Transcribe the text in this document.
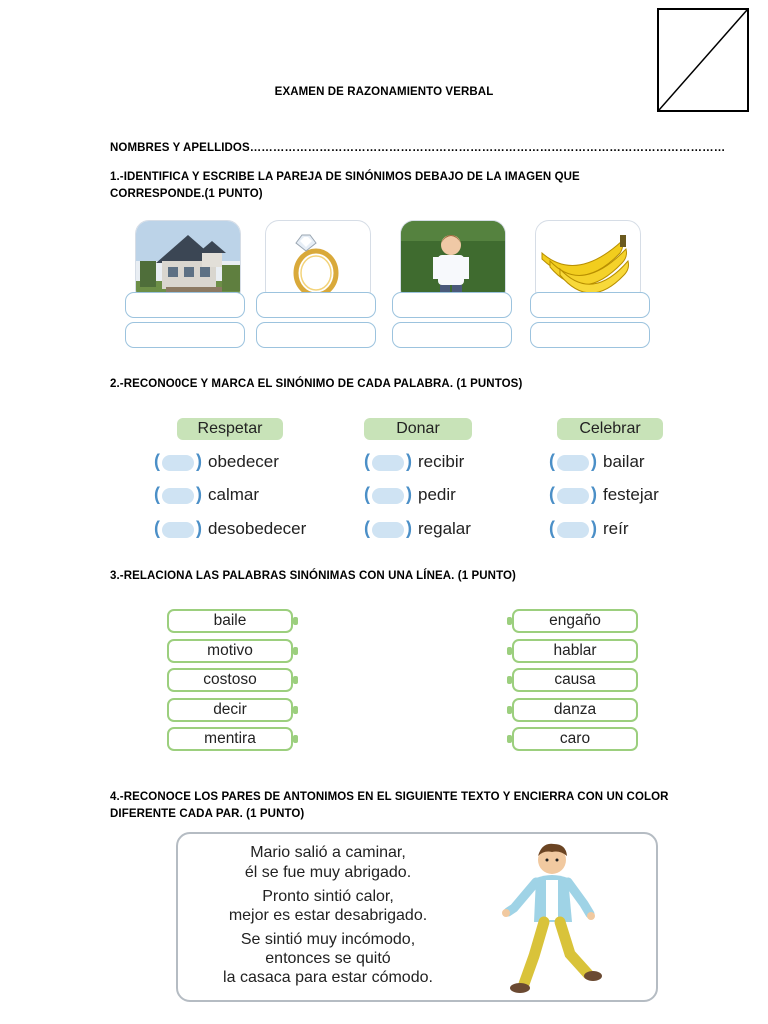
EXAMEN DE RAZONAMIENTO VERBAL
NOMBRES Y APELLIDOS……………………………………………………………………………………………………………
1.-IDENTIFICA Y ESCRIBE LA PAREJA DE SINÓNIMOS DEBAJO DE LA IMAGEN QUE CORRESPONDE.(1 PUNTO)
2.-RECONO0CE Y MARCA EL SINÓNIMO DE CADA PALABRA. (1 PUNTOS)
Respetar	Donar	Celebrar
( ) obedecer
( ) calmar
( ) desobedecer
( ) recibir
( ) pedir
( ) regalar
( ) bailar
( ) festejar
( ) reír
3.-RELACIONA LAS PALABRAS SINÓNIMAS CON UNA LÍNEA. (1 PUNTO)
baile
motivo
costoso
decir
mentira
engaño
hablar
causa
danza
caro
4.-RECONOCE LOS PARES DE ANTONIMOS EN EL SIGUIENTE TEXTO Y ENCIERRA CON UN COLOR DIFERENTE CADA PAR. (1 PUNTO)
Mario salió a caminar,
él se fue muy abrigado.
Pronto sintió calor,
mejor es estar desabrigado.
Se sintió muy incómodo,
entonces se quitó
la casaca para estar cómodo.
